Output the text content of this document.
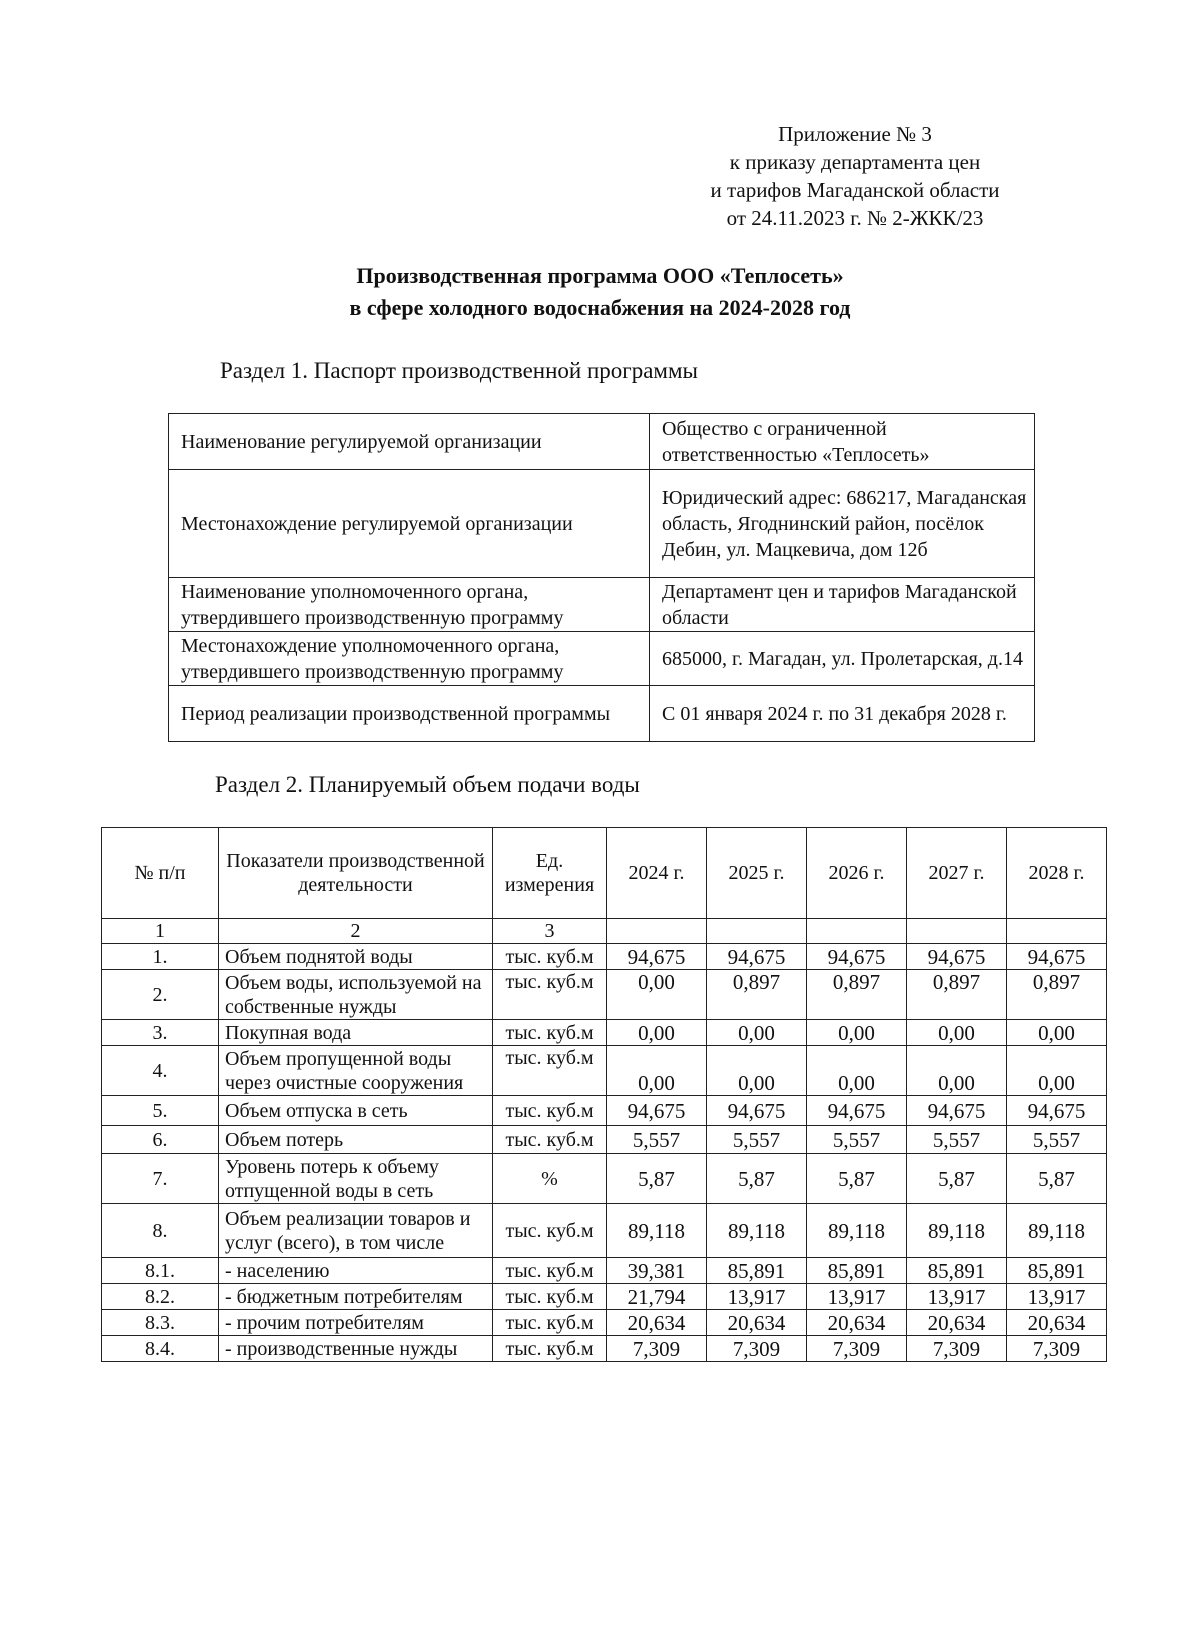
Приложение № 3
к приказу департамента цен
и тарифов Магаданской области
от 24.11.2023 г. № 2-ЖКК/23
Производственная программа ООО «Теплосеть»
в сфере холодного водоснабжения на 2024-2028 год
Раздел 1. Паспорт производственной программы
Наименование регулируемой организации	Общество с ограниченной ответственностью «Теплосеть»
Местонахождение регулируемой организации	Юридический адрес: 686217, Магаданская область, Ягоднинский район, посёлок Дебин, ул. Мацкевича, дом 12б
Наименование уполномоченного органа, утвердившего производственную программу	Департамент цен и тарифов Магаданской области
Местонахождение уполномоченного органа, утвердившего производственную программу	685000, г. Магадан, ул. Пролетарская, д.14
Период реализации производственной программы	С 01 января 2024 г. по 31 декабря 2028 г.
Раздел 2. Планируемый объем подачи воды
№ п/п	Показатели производственной деятельности	Ед. измерения	2024 г.	2025 г.	2026 г.	2027 г.	2028 г.
1	2	3					
1.	Объем поднятой воды	тыс. куб.м	94,675	94,675	94,675	94,675	94,675
2.	Объем воды, используемой на собственные нужды	тыс. куб.м	0,00	0,897	0,897	0,897	0,897
3.	Покупная вода	тыс. куб.м	0,00	0,00	0,00	0,00	0,00
4.	Объем пропущенной воды через очистные сооружения	тыс. куб.м	0,00	0,00	0,00	0,00	0,00
5.	Объем отпуска в сеть	тыс. куб.м	94,675	94,675	94,675	94,675	94,675
6.	Объем потерь	тыс. куб.м	5,557	5,557	5,557	5,557	5,557
7.	Уровень потерь к объему отпущенной воды в сеть	%	5,87	5,87	5,87	5,87	5,87
8.	Объем реализации товаров и услуг (всего), в том числе	тыс. куб.м	89,118	89,118	89,118	89,118	89,118
8.1.	- населению	тыс. куб.м	39,381	85,891	85,891	85,891	85,891
8.2.	- бюджетным потребителям	тыс. куб.м	21,794	13,917	13,917	13,917	13,917
8.3.	- прочим потребителям	тыс. куб.м	20,634	20,634	20,634	20,634	20,634
8.4.	- производственные нужды	тыс. куб.м	7,309	7,309	7,309	7,309	7,309
